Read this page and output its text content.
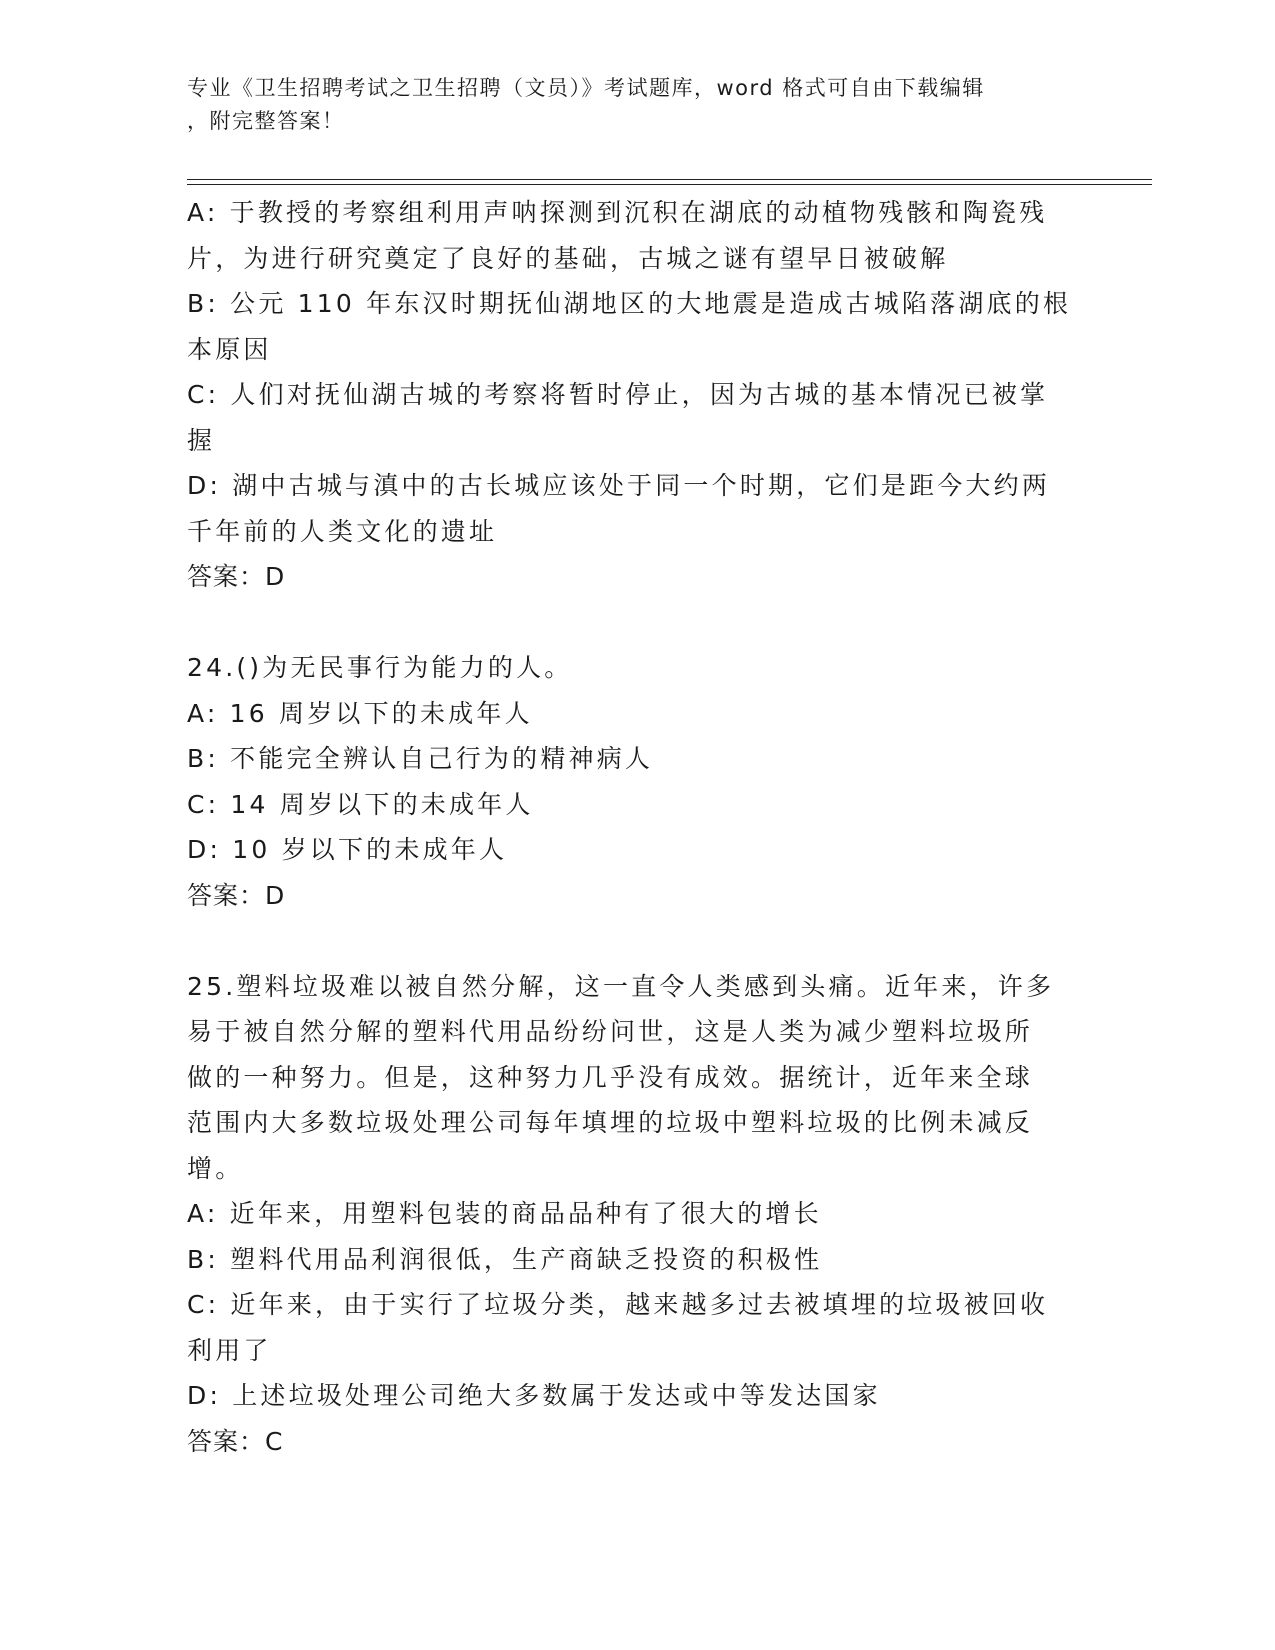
专业《卫生招聘考试之卫生招聘（文员）》考试题库，word 格式可自由下载编辑
，附完整答案！
A: 于教授的考察组利用声呐探测到沉积在湖底的动植物残骸和陶瓷残
片，为进行研究奠定了良好的基础，古城之谜有望早日被破解
B: 公元 110 年东汉时期抚仙湖地区的大地震是造成古城陷落湖底的根
本原因
C: 人们对抚仙湖古城的考察将暂时停止，因为古城的基本情况已被掌
握
D: 湖中古城与滇中的古长城应该处于同一个时期，它们是距今大约两
千年前的人类文化的遗址
答案：D
24.()为无民事行为能力的人。
A: 16 周岁以下的未成年人
B: 不能完全辨认自己行为的精神病人
C: 14 周岁以下的未成年人
D: 10 岁以下的未成年人
答案：D
25.塑料垃圾难以被自然分解，这一直令人类感到头痛。近年来，许多
易于被自然分解的塑料代用品纷纷问世，这是人类为减少塑料垃圾所
做的一种努力。但是，这种努力几乎没有成效。据统计，近年来全球
范围内大多数垃圾处理公司每年填埋的垃圾中塑料垃圾的比例未减反
增。
A: 近年来，用塑料包装的商品品种有了很大的增长
B: 塑料代用品利润很低，生产商缺乏投资的积极性
C: 近年来，由于实行了垃圾分类，越来越多过去被填埋的垃圾被回收
利用了
D: 上述垃圾处理公司绝大多数属于发达或中等发达国家
答案：C
